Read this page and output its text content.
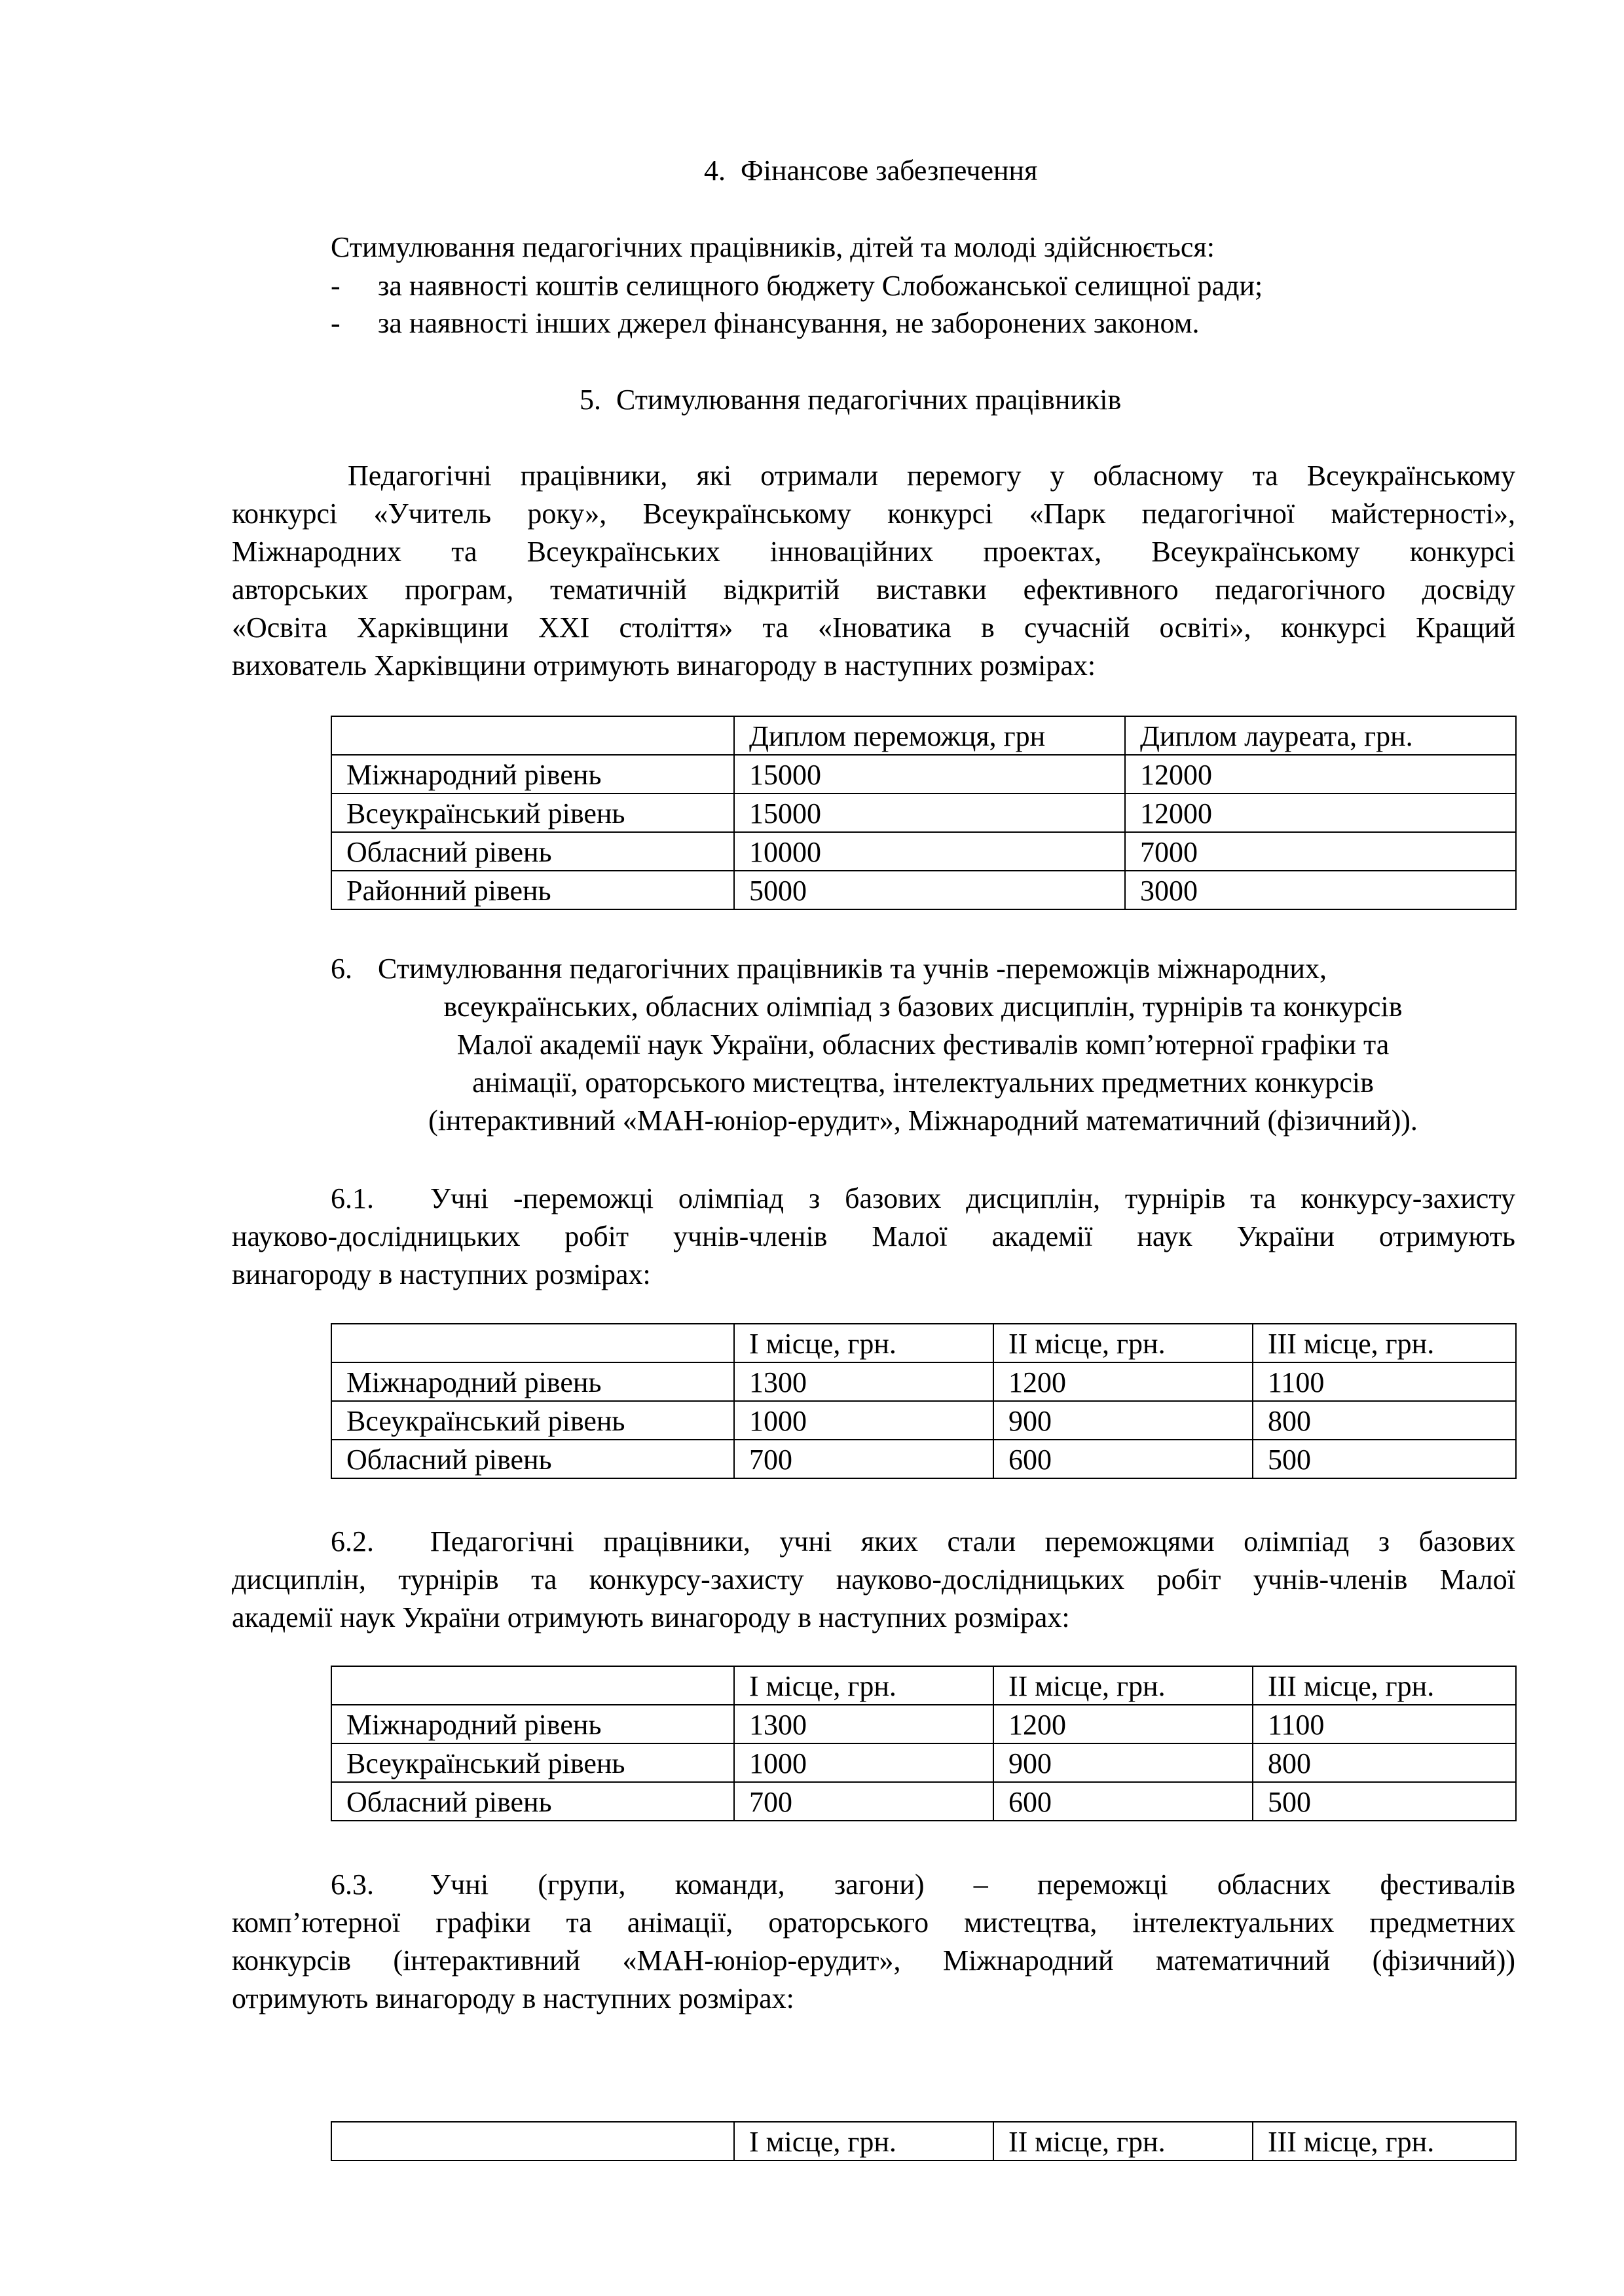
4. Фінансове забезпечення
Стимулювання педагогічних працівників, дітей та молоді здійснюється:
- за наявності коштів селищного бюджету Слобожанської селищної ради;
- за наявності інших джерел фінансування, не заборонених законом.
5. Стимулювання педагогічних працівників
Педагогічні працівники, які отримали перемогу у обласному та Всеукраїнському
конкурсі «Учитель року», Всеукраїнському конкурсі «Парк педагогічної майстерності»,
Міжнародних та Всеукраїнських інноваційних проектах, Всеукраїнському конкурсі
авторських програм, тематичній відкритій виставки ефективного педагогічного досвіду
«Освіта Харківщини XXI століття» та «Іноватика в сучасній освіті», конкурсі Кращий
вихователь Харківщини отримують винагороду в наступних розмірах:
	Диплом переможця, грн	Диплом лауреата, грн.
Міжнародний рівень	15000	12000
Всеукраїнський рівень	15000	12000
Обласний рівень	10000	7000
Районний рівень	5000	3000
6. Стимулювання педагогічних працівників та учнів -переможців міжнародних,
всеукраїнських, обласних олімпіад з базових дисциплін, турнірів та конкурсів
Малої академії наук України, обласних фестивалів комп’ютерної графіки та
анімації, ораторського мистецтва, інтелектуальних предметних конкурсів
(інтерактивний «МАН-юніор-ерудит», Міжнародний математичний (фізичний)).
6.1. Учні -переможці олімпіад з базових дисциплін, турнірів та конкурсу-захисту
науково-дослідницьких робіт учнів-членів Малої академії наук України отримують
винагороду в наступних розмірах:
	І місце, грн.	ІІ місце, грн.	ІІІ місце, грн.
Міжнародний рівень	1300	1200	1100
Всеукраїнський рівень	1000	900	800
Обласний рівень	700	600	500
6.2. Педагогічні працівники, учні яких стали переможцями олімпіад з базових
дисциплін, турнірів та конкурсу-захисту науково-дослідницьких робіт учнів-членів Малої
академії наук України отримують винагороду в наступних розмірах:
	І місце, грн.	ІІ місце, грн.	ІІІ місце, грн.
Міжнародний рівень	1300	1200	1100
Всеукраїнський рівень	1000	900	800
Обласний рівень	700	600	500
6.3. Учні (групи, команди, загони) – переможці обласних фестивалів
комп’ютерної графіки та анімації, ораторського мистецтва, інтелектуальних предметних
конкурсів (інтерактивний «МАН-юніор-ерудит», Міжнародний математичний (фізичний))
отримують винагороду в наступних розмірах:
	І місце, грн.	ІІ місце, грн.	ІІІ місце, грн.
